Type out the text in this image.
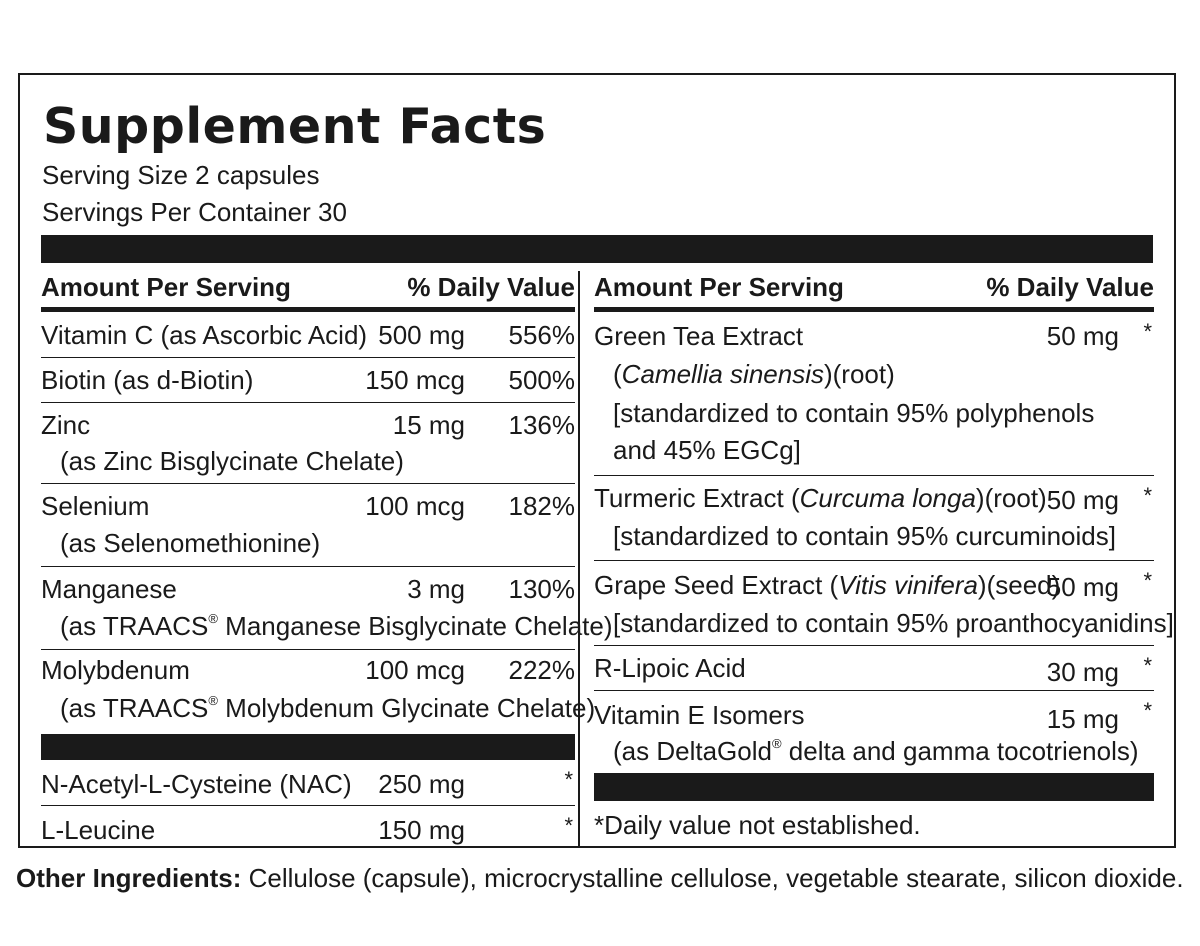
Supplement Facts
Serving Size 2 capsules
Servings Per Container 30
Amount Per Serving	% Daily Value
Vitamin C (as Ascorbic Acid) 500 mg 556%
Biotin (as d-Biotin)	150 mcg 500%
Zinc
(as Zinc Bisglycinate Chelate)
15 mg 136%
Selenium
(as Selenomethionine)
100 mcg 182%
Manganese
(as TRAACS® Manganese Bisglycinate Chelate)
3 mg 130%
Molybdenum
(as TRAACS® Molybdenum Glycinate Chelate)
100 mcg 222%
N-Acetyl-L-Cysteine (NAC) 250 mg	*
L-Leucine	150 mg	*
Amount Per Serving	% Daily Value
Green Tea Extract
(Camellia sinensis)(root)
[standardized to contain 95% polyphenols
and 45% EGCg]
50 mg *
Turmeric Extract (Curcuma longa)(root)
[standardized to contain 95% curcuminoids]
50 mg *
Grape Seed Extract (Vitis vinifera)(seed)
[standardized to contain 95% proanthocyanidins]
50 mg *
R-Lipoic Acid	30 mg *
Vitamin E Isomers
(as DeltaGold® delta and gamma tocotrienols)
15 mg *
*Daily value not established.
Other Ingredients: Cellulose (capsule), microcrystalline cellulose, vegetable stearate, silicon dioxide.
